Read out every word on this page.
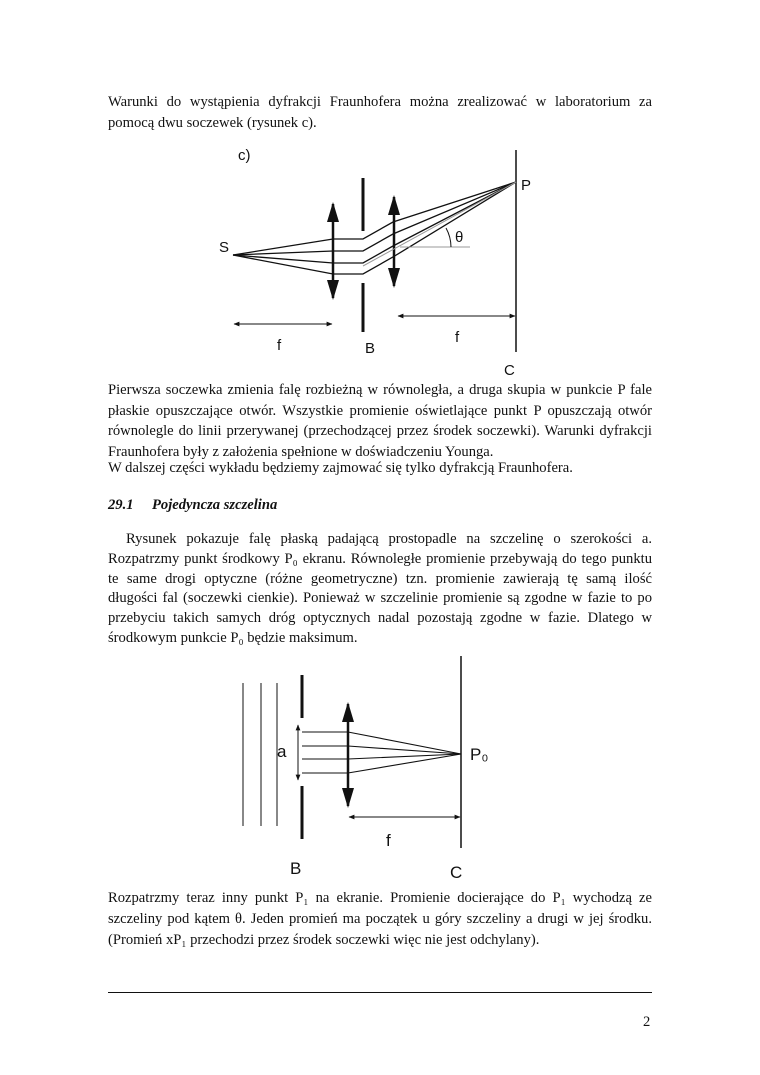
Warunki do wystąpienia dyfrakcji Fraunhofera można zrealizować w laboratorium za pomocą dwu soczewek (rysunek c).

c)
S
P
θ
B
C
f	f
a	P₀
f
B	C

Pierwsza soczewka zmienia falę rozbieżną w równoległa, a druga skupia w punkcie P fale płaskie opuszczające otwór. Wszystkie promienie oświetlające punkt P opuszczają otwór równolegle do linii przerywanej (przechodzącej przez środek soczewki). Warunki dyfrakcji Fraunhofera były z założenia spełnione w doświadczeniu Younga.

W dalszej części wykładu będziemy zajmować się tylko dyfrakcją Fraunhofera.

29.1 Pojedyncza szczelina

Rysunek pokazuje falę płaską padającą prostopadle na szczelinę o szerokości a. Rozpatrzmy punkt środkowy P₀ ekranu. Równoległe promienie przebywają do tego punktu te same drogi optyczne (różne geometryczne) tzn. promienie zawierają tę samą ilość długości fal (soczewki cienkie). Ponieważ w szczelinie promienie są zgodne w fazie to po przebyciu takich samych dróg optycznych nadal pozostają zgodne w fazie. Dlatego w środkowym punkcie P₀ będzie maksimum.

Rozpatrzmy teraz inny punkt P₁ na ekranie. Promienie docierające do P₁ wychodzą ze szczeliny pod kątem θ. Jeden promień ma początek u góry szczeliny a drugi w jej środku. (Promień xP₁ przechodzi przez środek soczewki więc nie jest odchylany).

2
